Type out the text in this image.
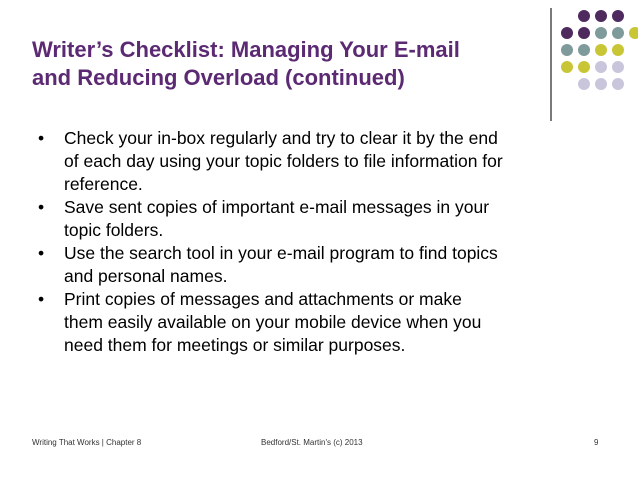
Writer’s Checklist: Managing Your E-mail
and Reducing Overload (continued)
• Check your in-box regularly and try to clear it by the end
of each day using your topic folders to file information for
reference.
• Save sent copies of important e-mail messages in your
topic folders.
• Use the search tool in your e-mail program to find topics
and personal names.
• Print copies of messages and attachments or make
them easily available on your mobile device when you
need them for meetings or similar purposes.
Writing That Works | Chapter 8	Bedford/St. Martin's (c) 2013	9
